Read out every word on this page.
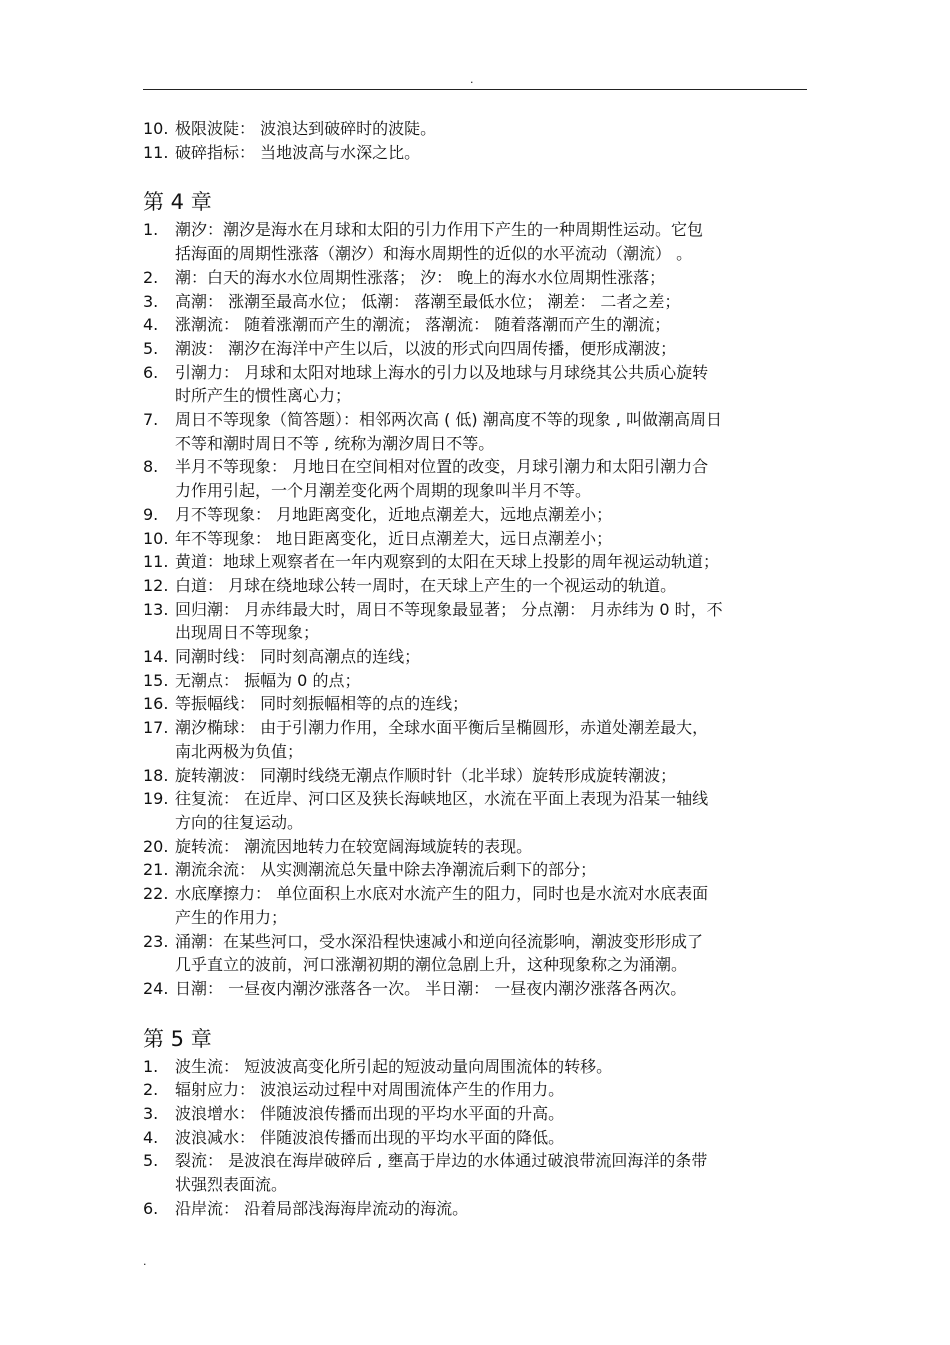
.
10. 极限波陡： 波浪达到破碎时的波陡。
11. 破碎指标： 当地波高与水深之比。
第 4 章
1.	潮汐：潮汐是海水在月球和太阳的引力作用下产生的一种周期性运动。它包
括海面的周期性涨落（潮汐）和海水周期性的近似的水平流动（潮流） 。
2.	潮：白天的海水水位周期性涨落； 汐： 晚上的海水水位周期性涨落；
3.	高潮： 涨潮至最高水位； 低潮： 落潮至最低水位； 潮差： 二者之差；
4.	涨潮流： 随着涨潮而产生的潮流； 落潮流： 随着落潮而产生的潮流；
5.	潮波： 潮汐在海洋中产生以后，以波的形式向四周传播，便形成潮波；
6.	引潮力： 月球和太阳对地球上海水的引力以及地球与月球绕其公共质心旋转
时所产生的惯性离心力；
7.	周日不等现象（简答题）：相邻两次高 ( 低) 潮高度不等的现象 , 叫做潮高周日
不等和潮时周日不等 , 统称为潮汐周日不等。
8.	半月不等现象： 月地日在空间相对位置的改变，月球引潮力和太阳引潮力合
力作用引起，一个月潮差变化两个周期的现象叫半月不等。
9.	月不等现象： 月地距离变化，近地点潮差大，远地点潮差小；
10. 年不等现象： 地日距离变化，近日点潮差大，远日点潮差小；
11. 黄道：地球上观察者在一年内观察到的太阳在天球上投影的周年视运动轨道；
12. 白道： 月球在绕地球公转一周时，在天球上产生的一个视运动的轨道。
13. 回归潮： 月赤纬最大时，周日不等现象最显著； 分点潮： 月赤纬为 0 时，不
出现周日不等现象；
14. 同潮时线： 同时刻高潮点的连线；
15. 无潮点： 振幅为 0 的点；
16. 等振幅线： 同时刻振幅相等的点的连线；
17. 潮汐椭球： 由于引潮力作用，全球水面平衡后呈椭圆形，赤道处潮差最大，
南北两极为负值；
18. 旋转潮波： 同潮时线绕无潮点作顺时针（北半球）旋转形成旋转潮波；
19. 往复流： 在近岸、河口区及狭长海峡地区，水流在平面上表现为沿某一轴线
方向的往复运动。
20. 旋转流： 潮流因地转力在较宽阔海域旋转的表现。
21. 潮流余流： 从实测潮流总矢量中除去净潮流后剩下的部分；
22. 水底摩擦力： 单位面积上水底对水流产生的阻力，同时也是水流对水底表面
产生的作用力；
23. 涌潮：在某些河口，受水深沿程快速减小和逆向径流影响，潮波变形形成了
几乎直立的波前，河口涨潮初期的潮位急剧上升，这种现象称之为涌潮。
24. 日潮： 一昼夜内潮汐涨落各一次。 半日潮： 一昼夜内潮汐涨落各两次。
第 5 章
1.	波生流： 短波波高变化所引起的短波动量向周围流体的转移。
2.	辐射应力： 波浪运动过程中对周围流体产生的作用力。
3.	波浪增水： 伴随波浪传播而出现的平均水平面的升高。
4.	波浪减水： 伴随波浪传播而出现的平均水平面的降低。
5.	裂流： 是波浪在海岸破碎后 , 壅高于岸边的水体通过破浪带流回海洋的条带
状强烈表面流。
6.	沿岸流： 沿着局部浅海海岸流动的海流。
.
